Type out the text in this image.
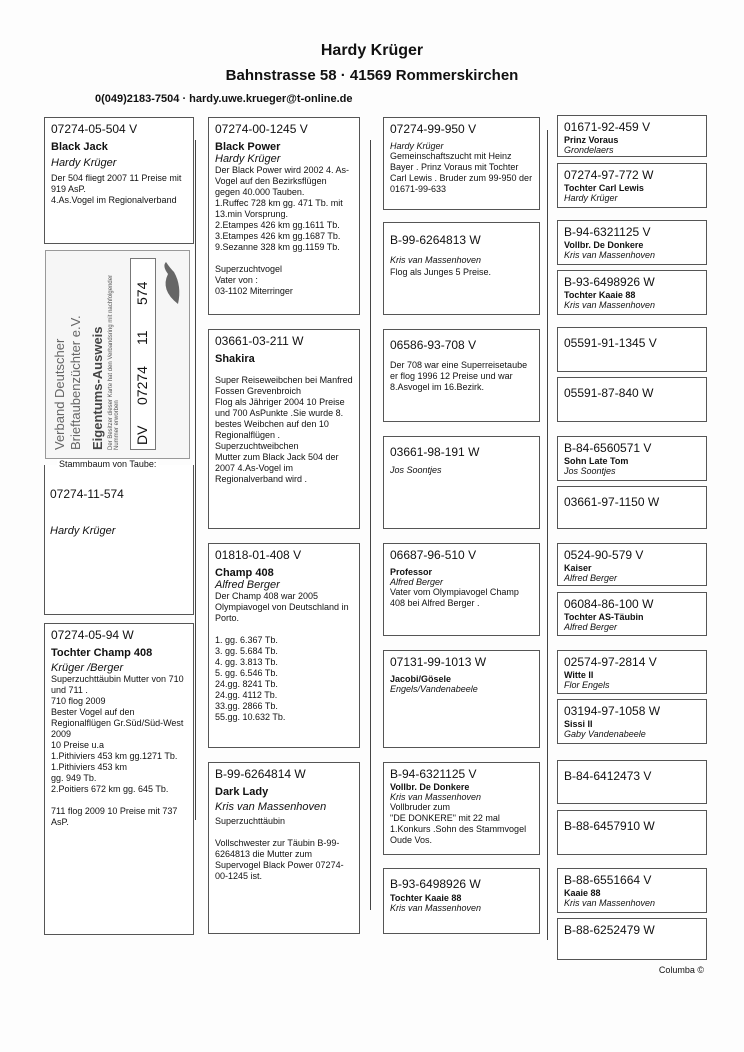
Hardy Krüger
Bahnstrasse 58 · 41569 Rommerskirchen
0(049)2183-7504 · hardy.uwe.krueger@t-online.de
07274-05-504 V
Black Jack
Hardy Krüger
Der 504 fliegt 2007 11 Preise mit 919 AsP.
4.As.Vogel im Regionalverband
Verband Deutscher Brieftaubenzüchter e.V. Eigentums-Ausweis Der Besitzer dieser Karte hat den Verbandsring mit nachfolgender Nummer erworben DV
07274
11
574
Stammbaum von Taube:
07274-11-574
Hardy Krüger
07274-05-94 W
Tochter Champ 408
Krüger /Berger
Superzuchttäubin Mutter von 710 und 711 .
710 flog 2009
Bester Vogel auf den Regionalflügen Gr.Süd/Süd-West 2009
10 Preise u.a
1.Pithiviers 453 km gg.1271 Tb.
1.Pithiviers 453 km
gg. 949 Tb.
2.Poitiers 672 km gg. 645 Tb.

711 flog 2009 10 Preise mit 737 AsP.
07274-00-1245 V
Black Power
Hardy Krüger
Der Black Power wird 2002 4. As-Vogel auf den Bezirksflügen gegen 40.000 Tauben.
1.Ruffec 728 km gg. 471 Tb. mit 13.min Vorsprung.
2.Etampes 426 km gg.1611 Tb.
3.Etampes 426 km gg.1687 Tb.
9.Sezanne 328 km gg.1159 Tb.

Superzuchtvogel
Vater von :
03-1102 Miterringer
03661-03-211 W
Shakira
Super Reiseweibchen bei Manfred Fossen Grevenbroich
Flog als Jähriger 2004 10 Preise und 700 AsPunkte .Sie wurde 8. bestes Weibchen auf den 10 Regionalflügen .
Superzuchtweibchen
Mutter zum Black Jack 504 der 2007 4.As-Vogel im Regionalverband wird .
01818-01-408 V
Champ 408
Alfred Berger
Der Champ 408 war 2005 Olympiavogel von Deutschland in Porto.

1. gg. 6.367 Tb.
3. gg. 5.684 Tb.
4. gg. 3.813 Tb.
5. gg. 6.546 Tb.
24.gg. 8241 Tb.
24.gg. 4112 Tb.
33.gg. 2866 Tb.
55.gg. 10.632 Tb.
B-99-6264814 W
Dark Lady
Kris van Massenhoven
Superzuchttäubin

Vollschwester zur Täubin B-99-6264813 die Mutter zum Supervogel Black Power 07274-00-1245 ist.
07274-99-950 V
Hardy Krüger
Gemeinschaftszucht mit Heinz Bayer . Prinz Voraus mit Tochter Carl Lewis . Bruder zum 99-950 der 01671-99-633
B-99-6264813 W
Kris van Massenhoven
Flog als Junges 5 Preise.
06586-93-708 V
Der 708 war eine Superreisetaube er flog 1996 12 Preise und war 8.Asvogel im 16.Bezirk.
03661-98-191 W
Jos Soontjes
06687-96-510 V
Professor
Alfred Berger
Vater vom Olympiavogel Champ 408 bei Alfred Berger .
07131-99-1013 W
Jacobi/Gösele
Engels/Vandenabeele
B-94-6321125 V
Vollbr. De Donkere
Kris van Massenhoven
Vollbruder zum
"DE DONKERE" mit 22 mal 1.Konkurs .Sohn des Stammvogel Oude Vos.
B-93-6498926 W
Tochter Kaaie 88
Kris van Massenhoven
01671-92-459 V
Prinz Voraus
Grondelaers
07274-97-772 W
Tochter Carl Lewis
Hardy Krüger
B-94-6321125 V
Vollbr. De Donkere
Kris van Massenhoven
B-93-6498926 W
Tochter Kaaie 88
Kris van Massenhoven
05591-91-1345 V
05591-87-840 W
B-84-6560571 V
Sohn Late Tom
Jos Soontjes
03661-97-1150 W
0524-90-579 V
Kaiser
Alfred Berger
06084-86-100 W
Tochter AS-Täubin
Alfred Berger
02574-97-2814 V
Witte II
Flor Engels
03194-97-1058 W
Sissi II
Gaby Vandenabeele
B-84-6412473 V
B-88-6457910 W
B-88-6551664 V
Kaaie 88
Kris van Massenhoven
B-88-6252479 W
Columba ©
